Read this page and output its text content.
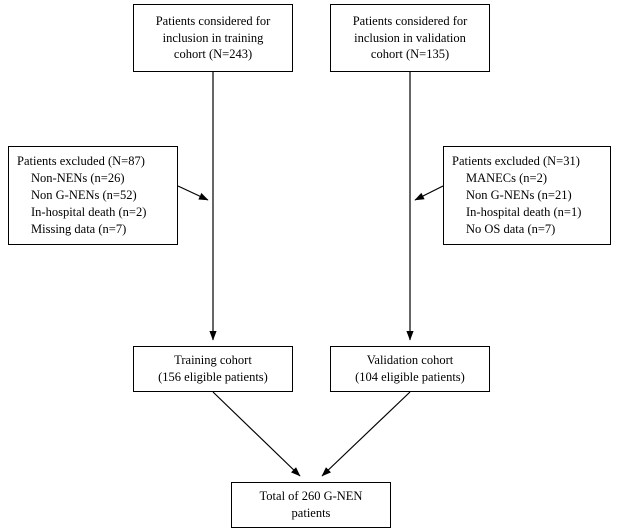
Patients considered for
inclusion in training
cohort (N=243)
Patients considered for
inclusion in validation
cohort (N=135)
Patients excluded (N=87)
Non-NENs (n=26)
Non G-NENs (n=52)
In-hospital death (n=2)
Missing data (n=7)
Patients excluded (N=31)
MANECs (n=2)
Non G-NENs (n=21)
In-hospital death (n=1)
No OS data (n=7)
Training cohort
(156 eligible patients)
Validation cohort
(104 eligible patients)
Total of 260 G-NEN
patients
